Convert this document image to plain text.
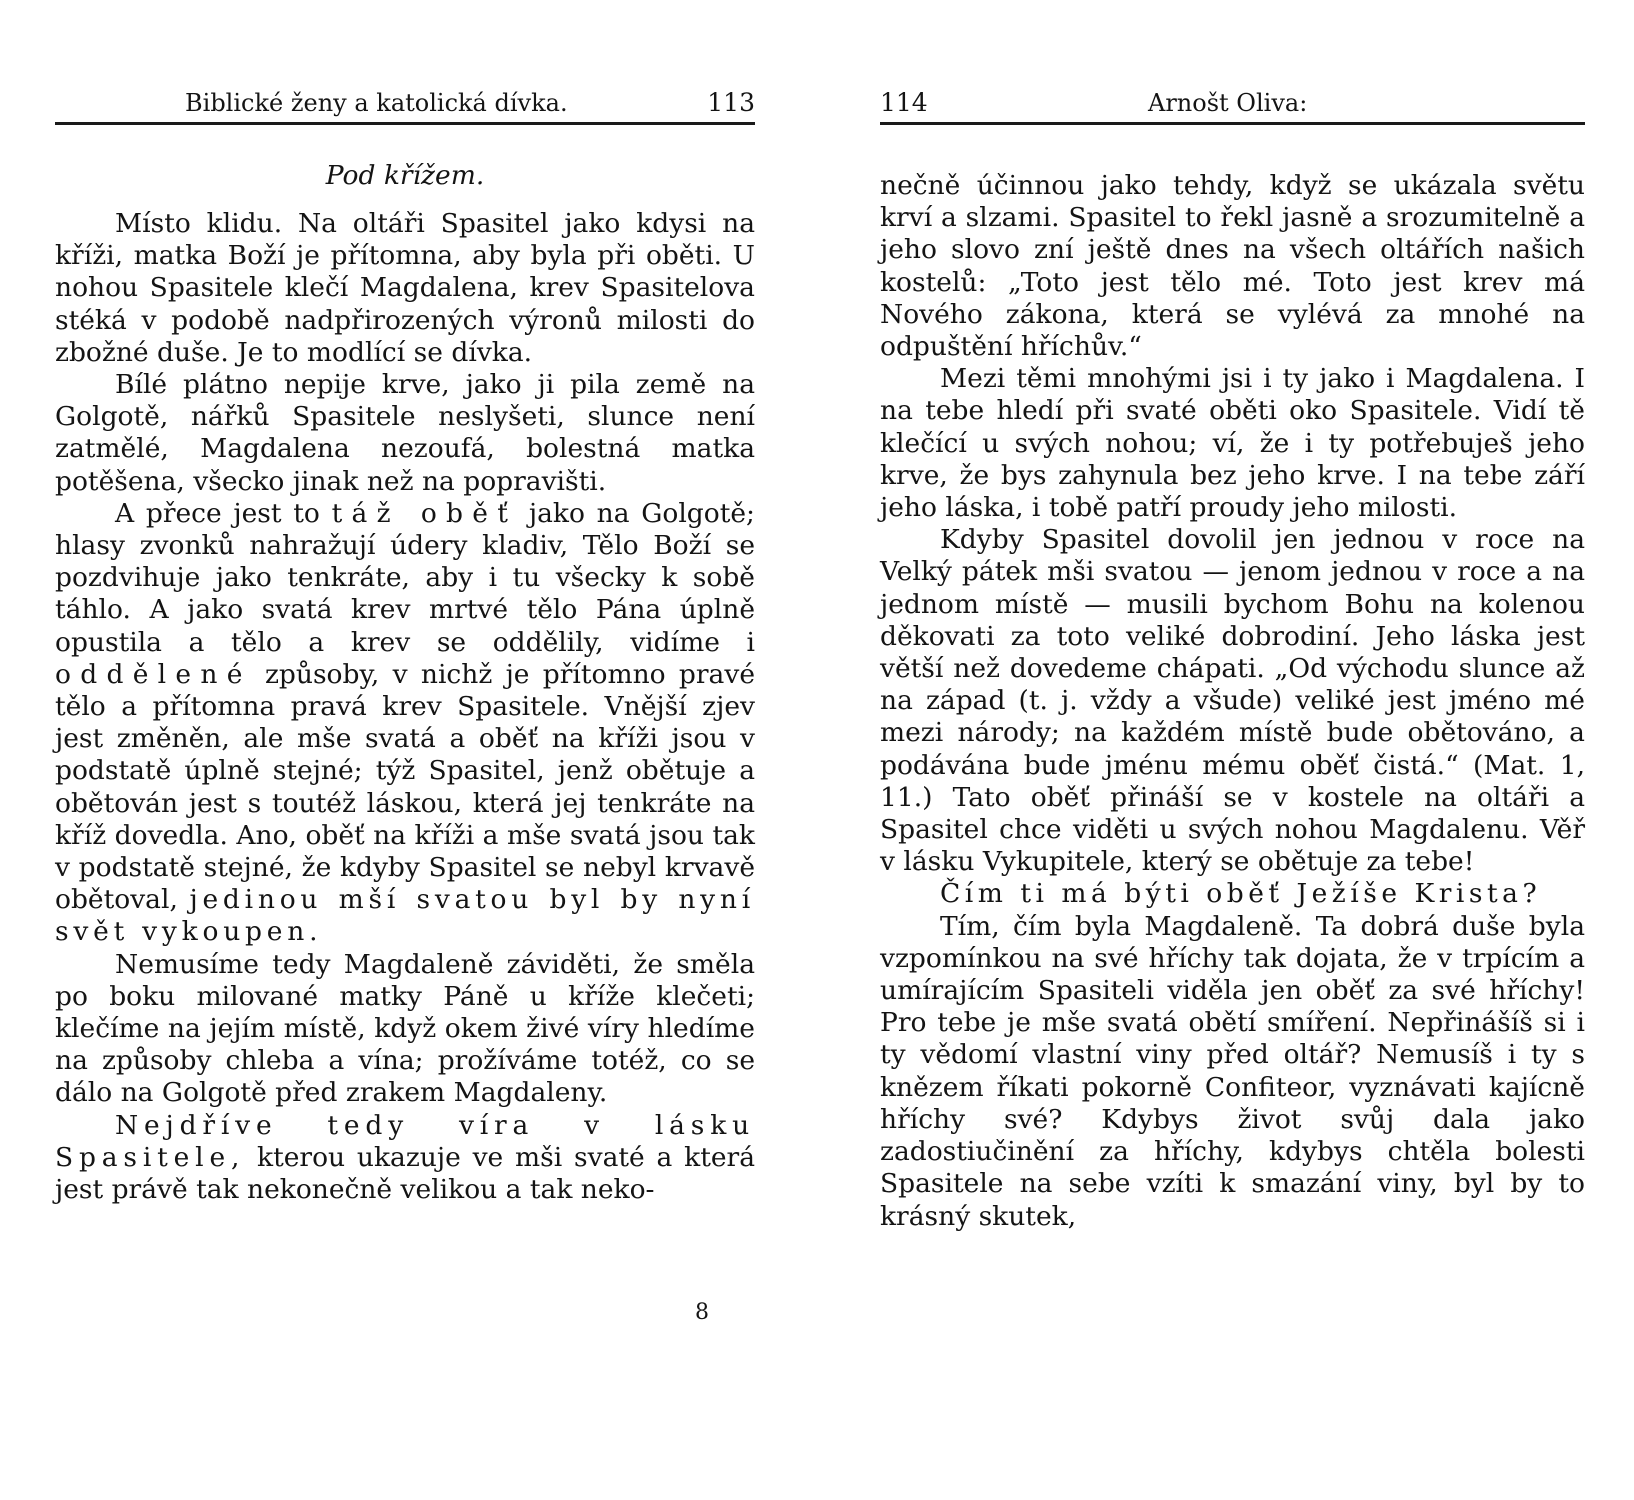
Biblické ženy a katolická dívka.	113

Pod křížem.

Místo klidu. Na oltáři Spasitel jako kdysi na kříži, matka Boží je přítomna, aby byla při oběti. U nohou Spasitele klečí Magdalena, krev Spasitelova stéká v podobě nadpřirozených výronů milosti do zbožné duše. Je to modlící se dívka.

Bílé plátno nepije krve, jako ji pila země na Golgotě, nářků Spasitele neslyšeti, slunce není zatmělé, Magdalena nezoufá, bolestná matka potěšena, všecko jinak než na popravišti.

A přece jest to táž oběť jako na Golgotě; hlasy zvonků nahražují údery kladiv, Tělo Boží se pozdvihuje jako tenkráte, aby i tu všecky k sobě táhlo. A jako svatá krev mrtvé tělo Pána úplně opustila a tělo a krev se oddělily, vidíme i oddělené způsoby, v nichž je přítomno pravé tělo a přítomna pravá krev Spasitele. Vnější zjev jest změněn, ale mše svatá a oběť na kříži jsou v podstatě úplně stejné; týž Spasitel, jenž obětuje a obětován jest s toutéž láskou, která jej tenkráte na kříž dovedla. Ano, oběť na kříži a mše svatá jsou tak v podstatě stejné, že kdyby Spasitel se nebyl krvavě obětoval, jedinou mší svatou byl by nyní svět vykoupen.

Nemusíme tedy Magdaleně záviděti, že směla po boku milované matky Páně u kříže klečeti; klečíme na jejím místě, když okem živé víry hledíme na způsoby chleba a vína; prožíváme totéž, co se dálo na Golgotě před zrakem Magdaleny.

Nejdříve tedy víra v lásku Spasitele, kterou ukazuje ve mši svaté a která jest právě tak nekonečně velikou a tak neko-

8
114	Arnošt Oliva:

nečně účinnou jako tehdy, když se ukázala světu krví a slzami. Spasitel to řekl jasně a srozumitelně a jeho slovo zní ještě dnes na všech oltářích našich kostelů: „Toto jest tělo mé. Toto jest krev má Nového zákona, která se vylévá za mnohé na odpuštění hříchův.“

Mezi těmi mnohými jsi i ty jako i Magdalena. I na tebe hledí při svaté oběti oko Spasitele. Vidí tě klečící u svých nohou; ví, že i ty potřebuješ jeho krve, že bys zahynula bez jeho krve. I na tebe září jeho láska, i tobě patří proudy jeho milosti.

Kdyby Spasitel dovolil jen jednou v roce na Velký pátek mši svatou — jenom jednou v roce a na jednom místě — musili bychom Bohu na kolenou děkovati za toto veliké dobrodiní. Jeho láska jest větší než dovedeme chápati. „Od východu slunce až na západ (t. j. vždy a všude) veliké jest jméno mé mezi národy; na každém místě bude obětováno, a podávána bude jménu mému oběť čistá.“ (Mat. 1, 11.) Tato oběť přináší se v kostele na oltáři a Spasitel chce viděti u svých nohou Magdalenu. Věř v lásku Vykupitele, který se obětuje za tebe!

Čím ti má býti oběť Ježíše Krista?

Tím, čím byla Magdaleně. Ta dobrá duše byla vzpomínkou na své hříchy tak dojata, že v trpícím a umírajícím Spasiteli viděla jen oběť za své hříchy! Pro tebe je mše svatá obětí smíření. Nepřinášíš si i ty vědomí vlastní viny před oltář? Nemusíš i ty s knězem říkati pokorně Confiteor, vyznávati kajícně hříchy své? Kdybys život svůj dala jako zadostiučinění za hříchy, kdybys chtěla bolesti Spasitele na sebe vzíti k smazání viny, byl by to krásný skutek,
